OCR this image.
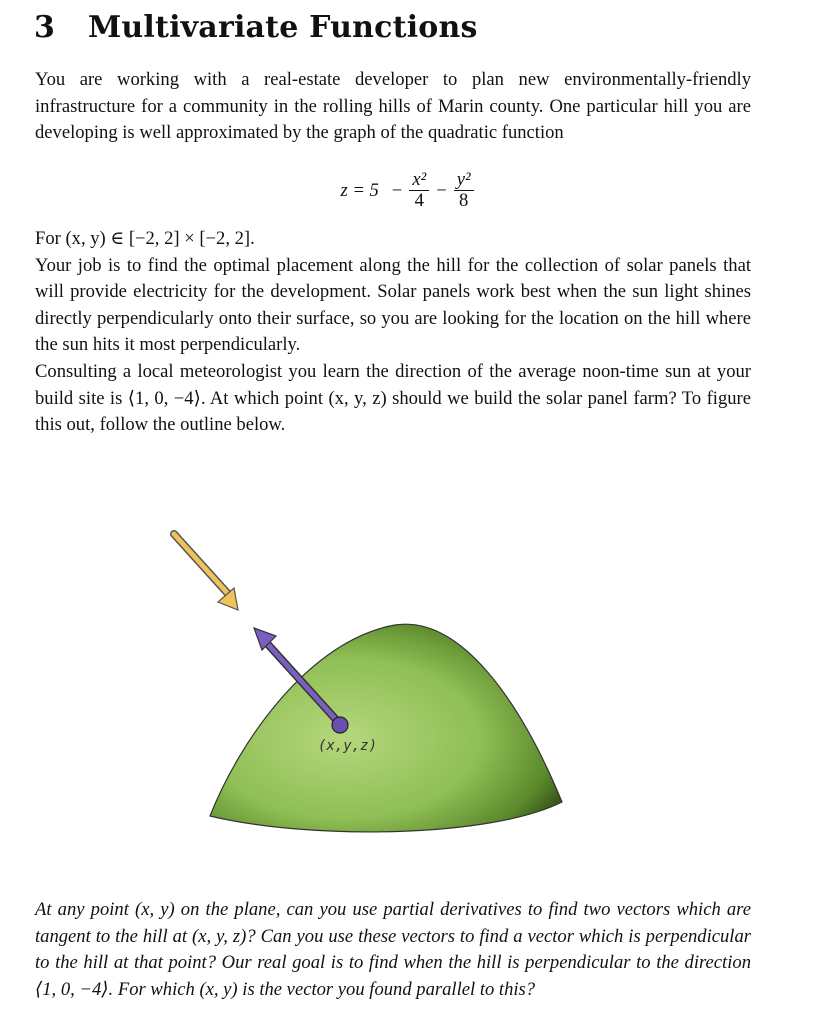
3 Multivariate Functions
You are working with a real-estate developer to plan new environmentally-friendly infrastructure for a community in the rolling hills of Marin county. One particular hill you are developing is well approximated by the graph of the quadratic function
$z = 5 - \frac{\text{x²}}{4} - \frac{\text{y²}}{8}$
For (x, y) ∈ [−2, 2] × [−2, 2].
Your job is to find the optimal placement along the hill for the collection of solar panels that will provide electricity for the development. Solar panels work best when the sun light shines directly perpendicularly onto their surface, so you are looking for the location on the hill where the sun hits it most perpendicularly.
Consulting a local meteorologist you learn the direction of the average noon-time sun at your build site is ⟨1, 0, −4⟩. At which point (x, y, z) should we build the solar panel farm? To figure this out, follow the outline below.
(x,y,z)
At any point (x, y) on the plane, can you use partial derivatives to find two vectors which are tangent to the hill at (x, y, z)? Can you use these vectors to find a vector which is perpendicular to the hill at that point? Our real goal is to find when the hill is perpendicular to the direction ⟨1, 0, −4⟩. For which (x, y) is the vector you found parallel to this?
